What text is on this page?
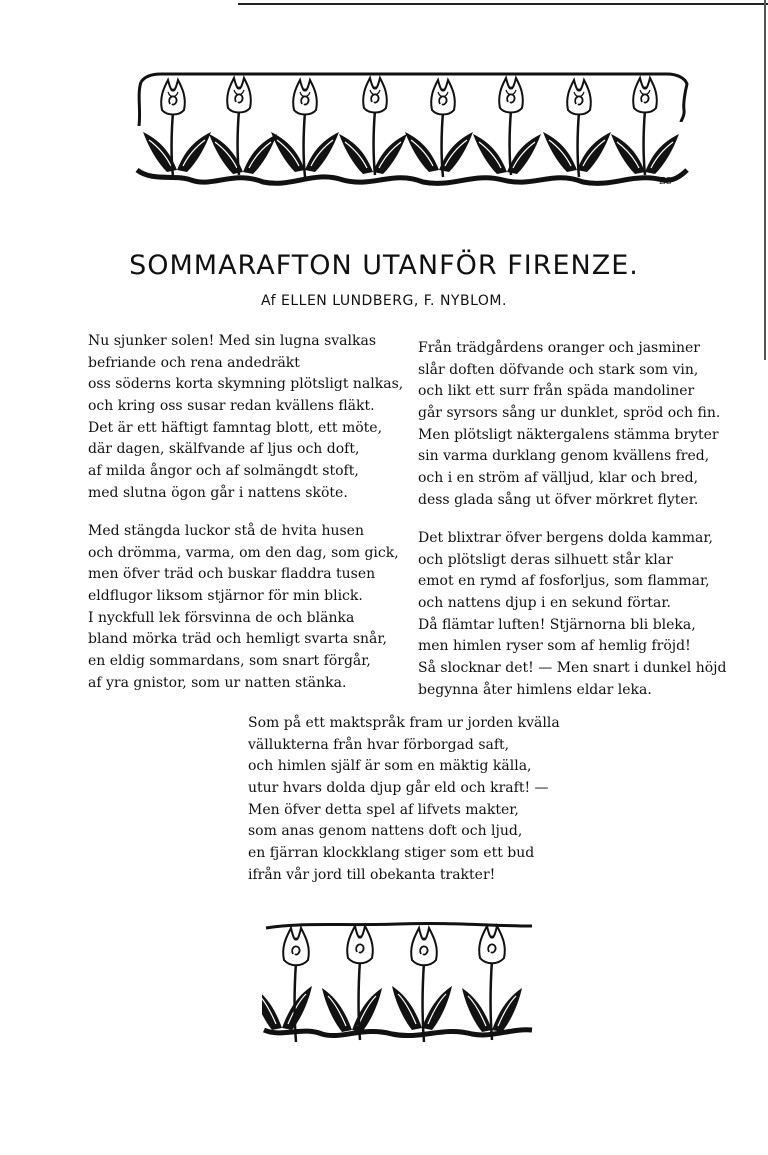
ES
SOMMARAFTON UTANFÖR FIRENZE.
Af ELLEN LUNDBERG, F. NYBLOM.
Nu sjunker solen! Med sin lugna svalkas
befriande och rena andedräkt
oss söderns korta skymning plötsligt nalkas,
och kring oss susar redan kvällens fläkt.
Det är ett häftigt famntag blott, ett möte,
där dagen, skälfvande af ljus och doft,
af milda ångor och af solmängdt stoft,
med slutna ögon går i nattens sköte.
Med stängda luckor stå de hvita husen
och drömma, varma, om den dag, som gick,
men öfver träd och buskar fladdra tusen
eldflugor liksom stjärnor för min blick.
I nyckfull lek försvinna de och blänka
bland mörka träd och hemligt svarta snår,
en eldig sommardans, som snart förgår,
af yra gnistor, som ur natten stänka.
Från trädgårdens oranger och jasminer
slår doften döfvande och stark som vin,
och likt ett surr från späda mandoliner
går syrsors sång ur dunklet, spröd och fin.
Men plötsligt näktergalens stämma bryter
sin varma durklang genom kvällens fred,
och i en ström af välljud, klar och bred,
dess glada sång ut öfver mörkret flyter.
Det blixtrar öfver bergens dolda kammar,
och plötsligt deras silhuett står klar
emot en rymd af fosforljus, som flammar,
och nattens djup i en sekund förtar.
Då flämtar luften! Stjärnorna bli bleka,
men himlen ryser som af hemlig fröjd!
Så slocknar det! — Men snart i dunkel höjd
begynna åter himlens eldar leka.
Som på ett maktspråk fram ur jorden kvälla
vällukterna från hvar förborgad saft,
och himlen själf är som en mäktig källa,
utur hvars dolda djup går eld och kraft! —
Men öfver detta spel af lifvets makter,
som anas genom nattens doft och ljud,
en fjärran klockklang stiger som ett bud
ifrån vår jord till obekanta trakter!
